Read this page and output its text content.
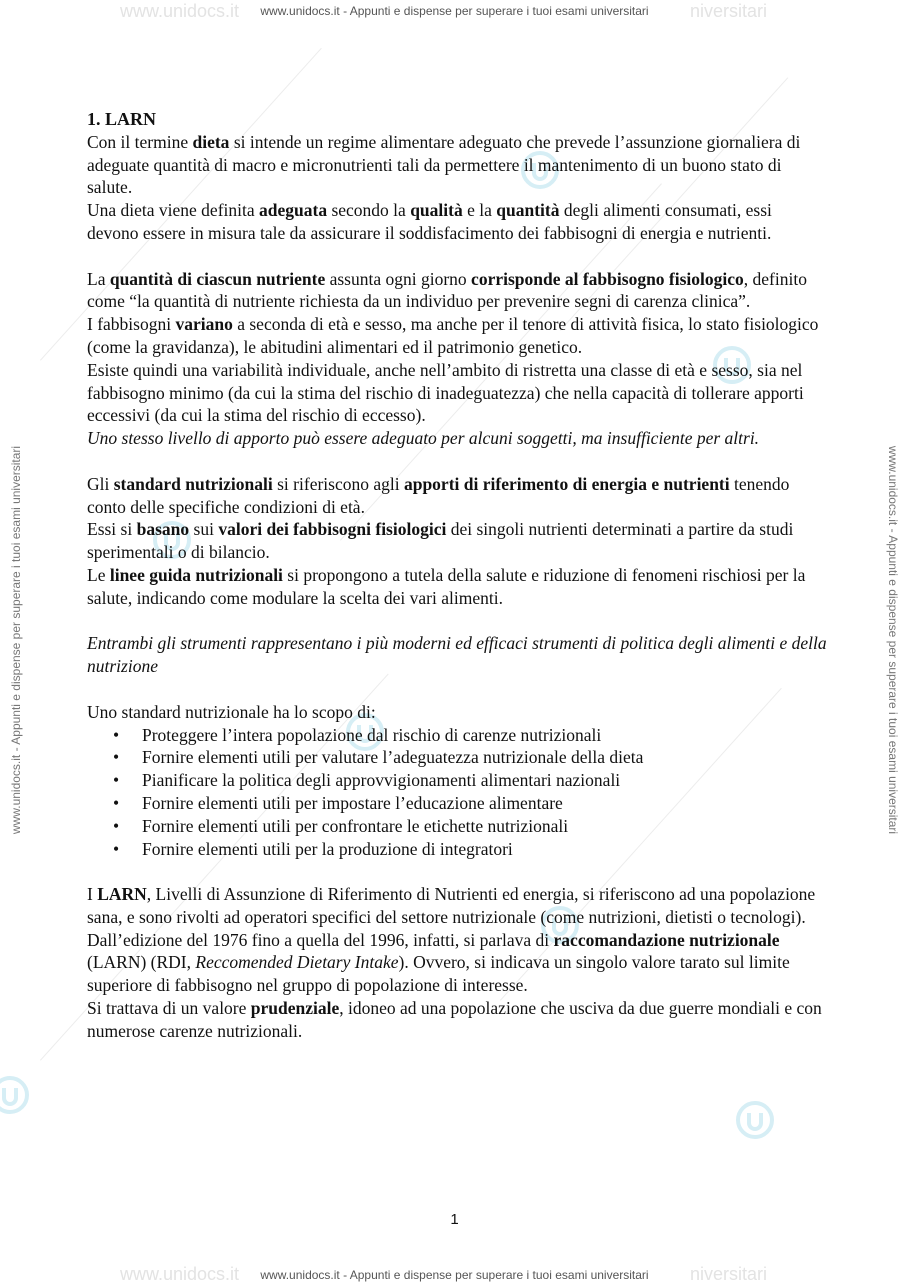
www.unidocs.it	niversitari
www.unidocs.it - Appunti e dispense per superare i tuoi esami universitari
www.unidocs.it	niversitari
www.unidocs.it - Appunti e dispense per superare i tuoi esami universitari
www.unidocs.it - Appunti e dispense per superare i tuoi esami universitari	www.unidocs.it - Appunti e dispense per superare i tuoi esami universitari

1. LARN

Con il termine dieta si intende un regime alimentare adeguato che prevede l’assunzione giornaliera di adeguate quantità di macro e micronutrienti tali da permettere il mantenimento di un buono stato di salute.

Una dieta viene definita adeguata secondo la qualità e la quantità degli alimenti consumati, essi devono essere in misura tale da assicurare il soddisfacimento dei fabbisogni di energia e nutrienti.

La quantità di ciascun nutriente assunta ogni giorno corrisponde al fabbisogno fisiologico, definito come “la quantità di nutriente richiesta da un individuo per prevenire segni di carenza clinica”.

I fabbisogni variano a seconda di età e sesso, ma anche per il tenore di attività fisica, lo stato fisiologico (come la gravidanza), le abitudini alimentari ed il patrimonio genetico.

Esiste quindi una variabilità individuale, anche nell’ambito di ristretta una classe di età e sesso, sia nel fabbisogno minimo (da cui la stima del rischio di inadeguatezza) che nella capacità di tollerare apporti eccessivi (da cui la stima del rischio di eccesso).

Uno stesso livello di apporto può essere adeguato per alcuni soggetti, ma insufficiente per altri.

Gli standard nutrizionali si riferiscono agli apporti di riferimento di energia e nutrienti tenendo conto delle specifiche condizioni di età.

Essi si basano sui valori dei fabbisogni fisiologici dei singoli nutrienti determinati a partire da studi sperimentali o di bilancio.

Le linee guida nutrizionali si propongono a tutela della salute e riduzione di fenomeni rischiosi per la salute, indicando come modulare la scelta dei vari alimenti.

Entrambi gli strumenti rappresentano i più moderni ed efficaci strumenti di politica degli alimenti e della nutrizione

Uno standard nutrizionale ha lo scopo di:

• Proteggere l’intera popolazione dal rischio di carenze nutrizionali
• Fornire elementi utili per valutare l’adeguatezza nutrizionale della dieta
• Pianificare la politica degli approvvigionamenti alimentari nazionali
• Fornire elementi utili per impostare l’educazione alimentare
• Fornire elementi utili per confrontare le etichette nutrizionali
• Fornire elementi utili per la produzione di integratori

I LARN, Livelli di Assunzione di Riferimento di Nutrienti ed energia, si riferiscono ad una popolazione sana, e sono rivolti ad operatori specifici del settore nutrizionale (come nutrizioni, dietisti o tecnologi).

Dall’edizione del 1976 fino a quella del 1996, infatti, si parlava di raccomandazione nutrizionale (LARN) (RDI, Reccomended Dietary Intake). Ovvero, si indicava un singolo valore tarato sul limite superiore di fabbisogno nel gruppo di popolazione di interesse.

Si trattava di un valore prudenziale, idoneo ad una popolazione che usciva da due guerre mondiali e con numerose carenze nutrizionali.

1
